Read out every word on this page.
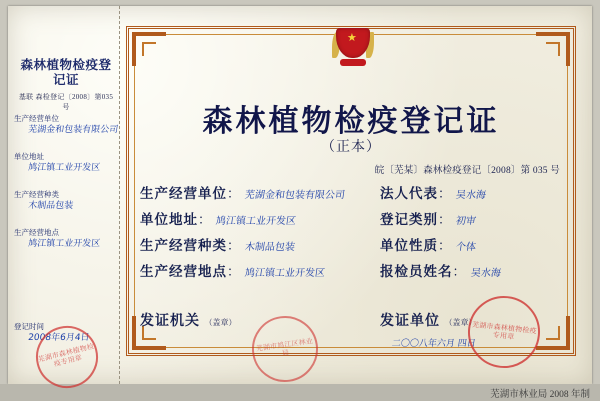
森林植物检疫登记证
基联 森检登记〔2008〕第035号
生产经营单位
芜湖金和包装有限公司
单位地址
鸠江镇工业开发区
生产经营种类
木制品包装
生产经营地点
鸠江镇工业开发区
登记时间
2008年6月4日
芜湖市森林植物检疫专用章
★
森林植物检疫登记证
（正本）
皖〔芜某〕森林检疫登记〔2008〕第 035 号
生产经营单位 ： 芜湖金和包装有限公司
单位地址 ： 鸠江镇工业开发区
生产经营种类 ： 木制品包装
生产经营地点 ： 鸠江镇工业开发区
法人代表 ： 吴水海
登记类别 ： 初审
单位性质 ： 个体
报检员姓名 ： 吴水海
发证机关 （盖章）	发证单位 （盖章）
二〇〇八年六月 四日
芜湖市鸠江区林业局
芜湖市森林植物检疫专用章
芜湖市林业局 2008 年制
